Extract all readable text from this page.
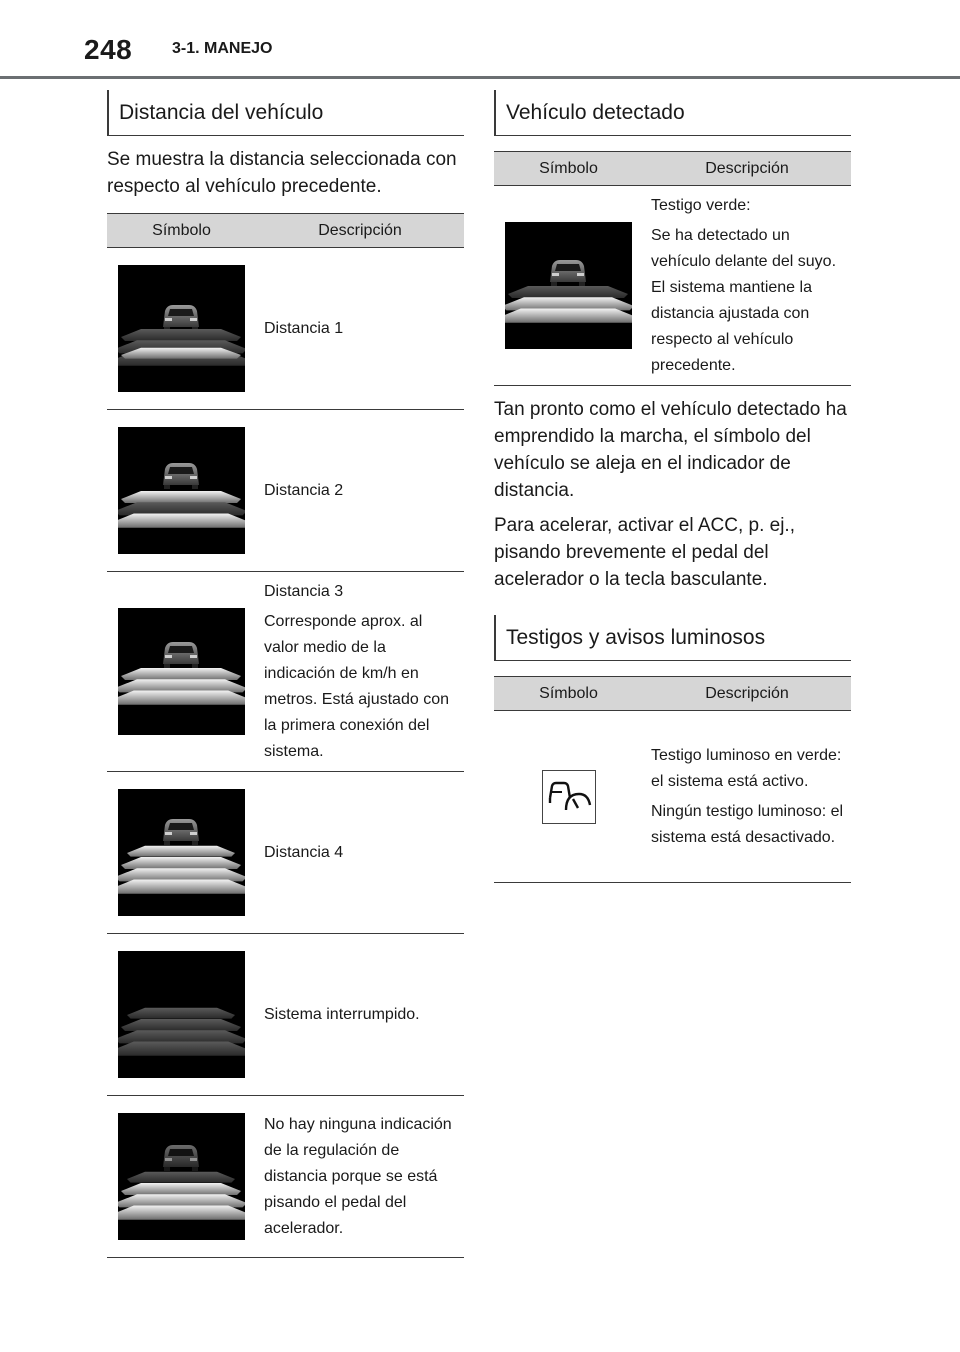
248 3-1. MANEJO
Distancia del vehículo

Se muestra la distancia seleccionada con respecto al vehículo precedente.

Símbolo	Descripción

Distancia 1

Distancia 2

Distancia 3

Corresponde aprox. al valor medio de la indicación de km/h en metros. Está ajustado con la primera conexión del sistema.

Distancia 4

Sistema interrumpido.

No hay ninguna indicación de la regulación de distancia porque se está pisando el pedal del acelerador.

Vehículo detectado
Símbolo	Descripción

Testigo verde:

Se ha detectado un vehículo delante del suyo. El sistema mantiene la distancia ajustada con respecto al vehículo precedente.

Tan pronto como el vehículo detectado ha emprendido la marcha, el símbolo del vehículo se aleja en el indicador de distancia.

Para acelerar, activar el ACC, p. ej., pisando brevemente el pedal del acelerador o la tecla basculante.

Testigos y avisos luminosos
Símbolo	Descripción

Testigo luminoso en verde: el sistema está activo.

Ningún testigo luminoso: el sistema está desactivado.
